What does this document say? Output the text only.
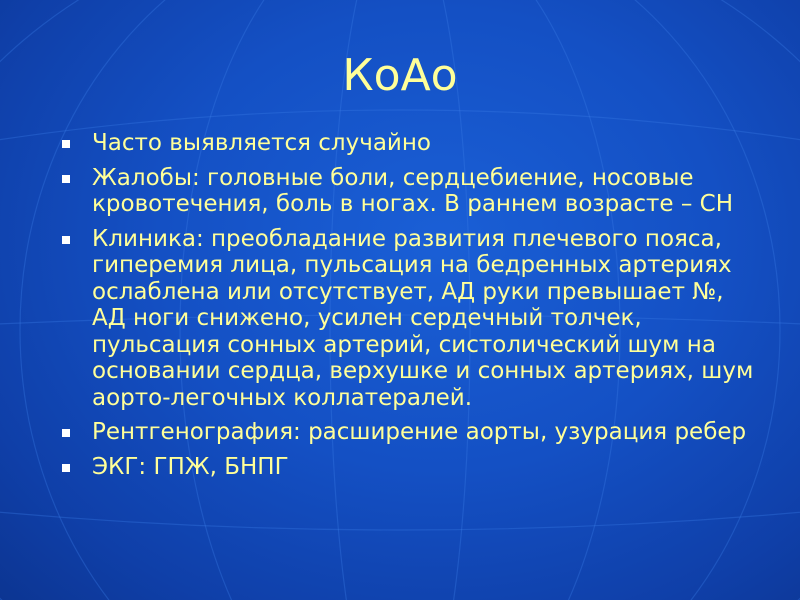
КоАо
Часто выявляется случайно
Жалобы: головные боли, сердцебиение, носовые кровотечения, боль в ногах. В раннем возрасте – СН
Клиника: преобладание развития плечевого пояса, гиперемия лица, пульсация на бедренных артериях ослаблена или отсутствует, АД руки превышает №, АД ноги снижено, усилен сердечный толчек, пульсация сонных артерий, систолический шум на основании сердца, верхушке и сонных артериях, шум аорто-легочных коллатералей.
Рентгенография: расширение аорты, узурация ребер
ЭКГ: ГПЖ, БНПГ
